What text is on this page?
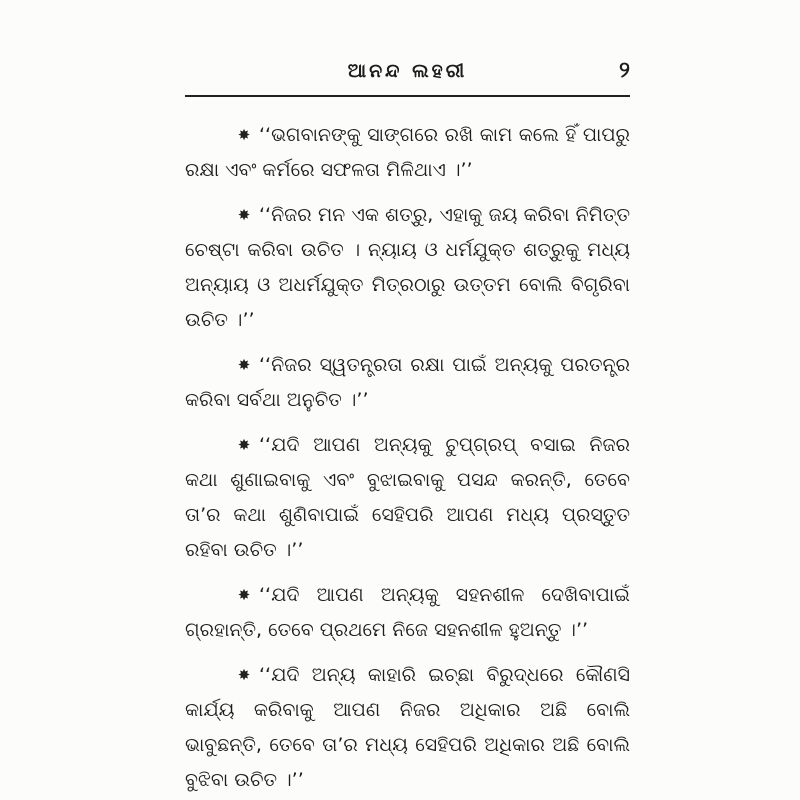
ଆନନ୍ଦ ଲହରୀ	୨

✸ ‘‘ଭଗବାନଙ୍କୁ ସାଙ୍ଗରେ ରଖି କାମ କଲେ ହିଁ ପାପରୁ ରକ୍ଷା ଏବଂ କର୍ମରେ ସଫଳତା ମିଳିଥାଏ ।’’

✸ ‘‘ନିଜର ମନ ଏକ ଶତ୍ରୁ, ଏହାକୁ ଜୟ କରିବା ନିମିତ୍ତ ଚେଷ୍ଟା କରିବା ଉଚିତ । ନ୍ୟାୟ ଓ ଧର୍ମଯୁକ୍ତ ଶତ୍ରୁକୁ ମଧ୍ୟ ଅନ୍ୟାୟ ଓ ଅଧର୍ମଯୁକ୍ତ ମିତ୍ରଠାରୁ ଉତ୍ତମ ବୋଲି ବିଗୃରିବା ଉଚିତ ।’’

✸ ‘‘ନିଜର ସ୍ୱତନ୍ତ୍ରତା ରକ୍ଷା ପାଇଁ ଅନ୍ୟକୁ ପରତନ୍ତ୍ର କରିବା ସର୍ବଥା ଅନୁଚିତ ।’’

✸ ‘‘ଯଦି ଆପଣ ଅନ୍ୟକୁ ଚୁପ୍‌ଗ୍ରପ୍ ବସାଇ ନିଜର କଥା ଶୁଣାଇବାକୁ ଏବଂ ବୁଝାଇବାକୁ ପସନ୍ଦ କରନ୍ତି, ତେବେ ତା’ର କଥା ଶୁଣିବାପାଇଁ ସେହିପରି ଆପଣ ମଧ୍ୟ ପ୍ରସ୍ତୁତ ରହିବା ଉଚିତ ।’’

✸ ‘‘ଯଦି ଆପଣ ଅନ୍ୟକୁ ସହନଶୀଳ ଦେଖିବାପାଇଁ ଗ୍ରହାନ୍ତି, ତେବେ ପ୍ରଥମେ ନିଜେ ସହନଶୀଳ ହୁଅନ୍ତୁ ।’’

✸ ‘‘ଯଦି ଅନ୍ୟ କାହାରି ଇଚ୍ଛା ବିରୁଦ୍ଧରେ କୌଣସି କାର୍ଯ୍ୟ କରିବାକୁ ଆପଣ ନିଜର ଅଧିକାର ଅଛି ବୋଲି ଭାବୁଛନ୍ତି, ତେବେ ତା’ର ମଧ୍ୟ ସେହିପରି ଅଧିକାର ଅଛି ବୋଲି ବୁଝିବା ଉଚିତ ।’’
